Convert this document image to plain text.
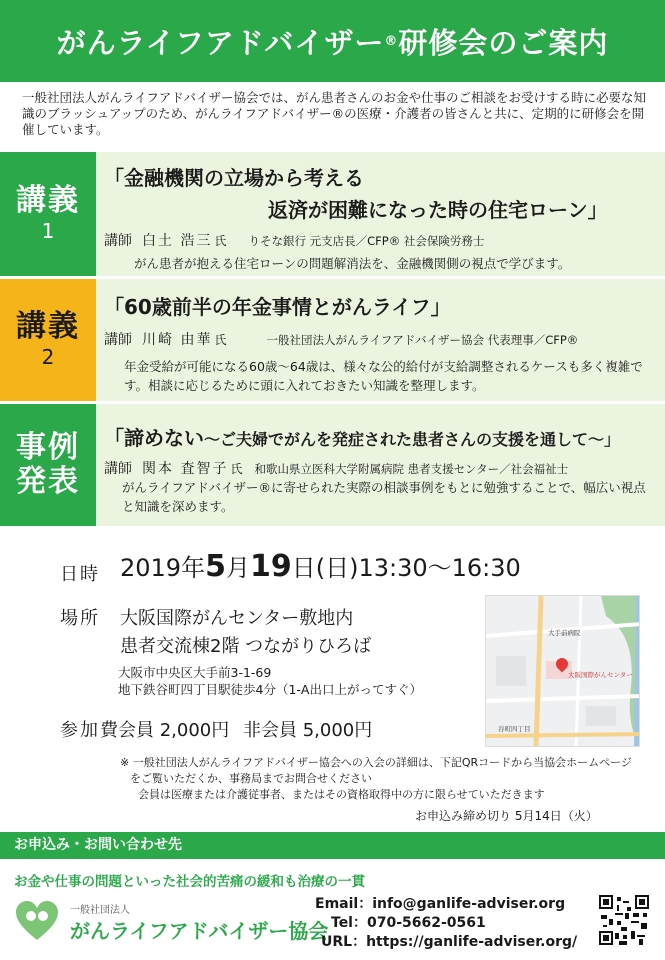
がんライフアドバイザー ® 研修会のご案内
一般社団法人がんライフアドバイザー協会では、がん患者さんのお金や仕事のご相談をお受けする時に必要な知識のブラッシュアップのため、がんライフアドバイザー®の医療・介護者の皆さんと共に、定期的に研修会を開催しています。
講義
1
「金融機関の立場から考える
返済が困難になった時の住宅ローン」
講師 白土 浩三 氏 りそな銀行 元支店長／CFP® 社会保険労務士
がん患者が抱える住宅ローンの問題解消法を、金融機関側の視点で学びます。
講義
2
「60歳前半の年金事情とがんライフ」
講師 川崎 由華 氏	一般社団法人がんライフアドバイザー協会 代表理事／CFP®
年金受給が可能になる60歳～64歳は、様々な公的給付が支給調整されるケースも多く複雑です。相談に応じるために頭に入れておきたい知識を整理します。
事例
発表
「諦めない～ご夫婦でがんを発症された患者さんの支援を通して～」
講師 関本 査智子 氏 和歌山県立医科大学附属病院 患者支援センター／社会福祉士
がんライフアドバイザー®に寄せられた実際の相談事例をもとに勉強することで、幅広い視点と知識を深めます。
日時 2019年5月19日(日)13:30～16:30
場所 大阪国際がんセンター敷地内
患者交流棟2階 つながりひろば
大阪市中央区大手前3-1-69
地下鉄谷町四丁目駅徒歩4分（1-A出口上がってすぐ）
参加費
会員 2,000円 非会員 5,000円
大阪国際がんセンター
大手前病院
谷町四丁目
※ 一般社団法人がんライフアドバイザー協会への入会の詳細は、下記QRコードから当協会ホームページをご覧いただくか、事務局までお問合せください
会員は医療または介護従事者、またはその資格取得中の方に限らせていただきます
お申込み締め切り 5月14日（火）
お申込み・お問い合わせ先
お金や仕事の問題といった社会的苦痛の緩和も治療の一貫
一般社団法人
がんライフアドバイザー協会
Email： info@ganlife-adviser.org
Tel： 070-5662-0561
URL： https://ganlife-adviser.org/
